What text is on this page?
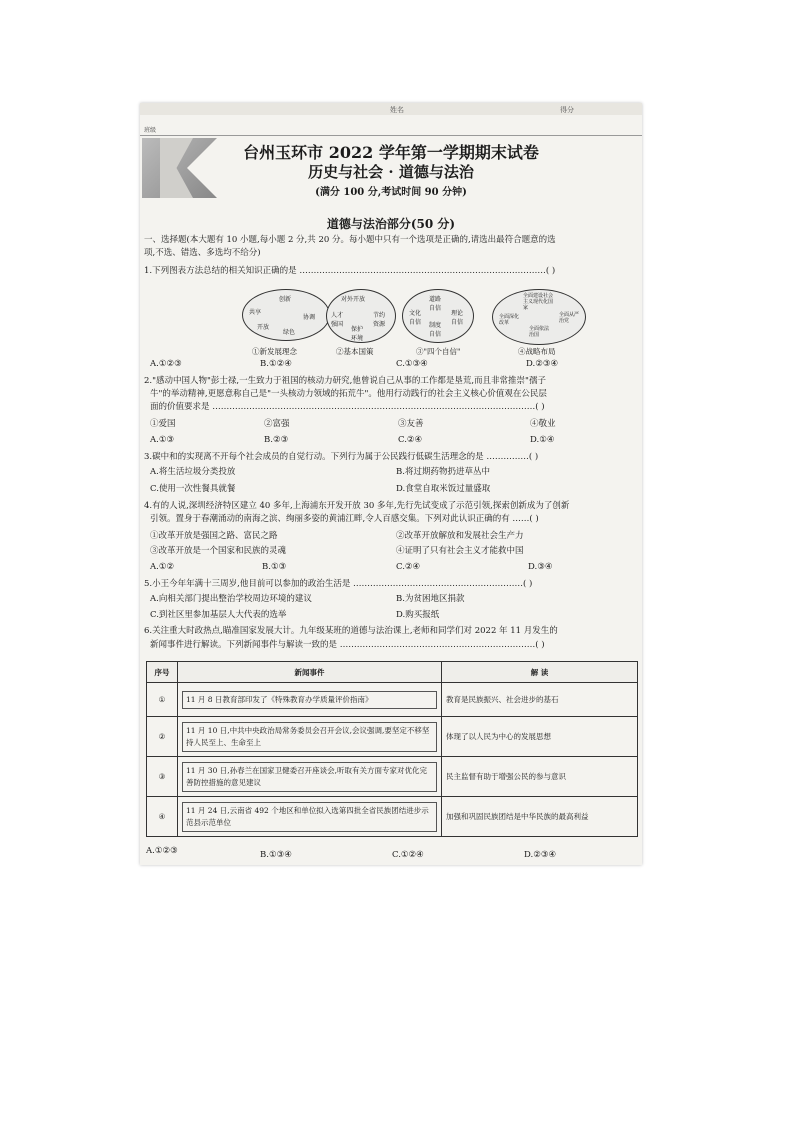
姓名	得分
班级
台州玉环市 2022 学年第一学期期末试卷
历史与社会 · 道德与法治
(满分 100 分,考试时间 90 分钟)
道德与法治部分(50 分)
一、选择题(本大题有 10 小题,每小题 2 分,共 20 分。每小题中只有一个选项是正确的,请选出最符合题意的选
项,不选、错选、多选均不给分)
1.下列图表方法总结的相关知识正确的是 ……………………………………………………………………………( )
创新
共享
协调
开放
绿色
对外开放
人才强国
节约资源
保护环境
道路自信
文化自信
理论自信
制度自信
全面建设社会主义现代化国家
全面深化改革
全面从严治党
全面依法治国
①新发展理念	②基本国策	③"四个自信"	④战略布局
A.①②③	B.①②④	C.①③④	D.②③④
2."感动中国人物"彭士禄,一生致力于祖国的核动力研究,他曾说自己从事的工作都是垦荒,而且非常推崇"孺子
牛"的举动精神,更愿意称自己是"一头核动力领域的拓荒牛"。他用行动践行的社会主义核心价值观在公民层
面的价值要求是 ……………………………………………………………………………………………………( )
①爱国	②富强	③友善	④敬业
A.①③	B.②③	C.②④	D.①④
3.碳中和的实现离不开每个社会成员的自觉行动。下列行为属于公民践行低碳生活理念的是 ……………( )
A.将生活垃圾分类投放	B.将过期药物扔进草丛中
C.使用一次性餐具就餐	D.食堂自取米饭过量盛取
4.有的人说,深圳经济特区建立 40 多年,上海浦东开发开放 30 多年,先行先试变成了示范引领,探索创新成为了创新
引领。置身于春潮涌动的南海之滨、绚丽多姿的黄浦江畔,令人百感交集。下列对此认识正确的有 ……( )
①改革开放是强国之路、富民之路	②改革开放解放和发展社会生产力
③改革开放是一个国家和民族的灵魂	④证明了只有社会主义才能救中国
A.①②	B.①③	C.②④	D.③④
5.小王今年年满十三周岁,他目前可以参加的政治生活是 ……………………………………………………( )
A.向相关部门提出整治学校周边环境的建议	B.为贫困地区捐款
C.到社区里参加基层人大代表的选举	D.购买报纸
6.关注重大时政热点,瞄准国家发展大计。九年级某班的道德与法治课上,老师和同学们对 2022 年 11 月发生的
新闻事件进行解读。下列新闻事件与解读一致的是 ……………………………………………………………( )
序号	新闻事件	解 读
①	11 月 8 日教育部印发了《特殊教育办学质量评价指南》	教育是民族振兴、社会进步的基石
②	11 月 10 日,中共中央政治局常务委员会召开会议,会议强调,要坚定不移坚持人民至上、生命至上	体现了以人民为中心的发展思想
③	11 月 30 日,孙春兰在国家卫健委召开座谈会,听取有关方面专家对优化完善防控措施的意见建议	民主监督有助于增强公民的参与意识
④	11 月 24 日,云南省 492 个地区和单位拟入选第四批全省民族团结进步示范县示范单位	加强和巩固民族团结是中华民族的最高利益
A.①②③	B.①③④	C.①②④	D.②③④
